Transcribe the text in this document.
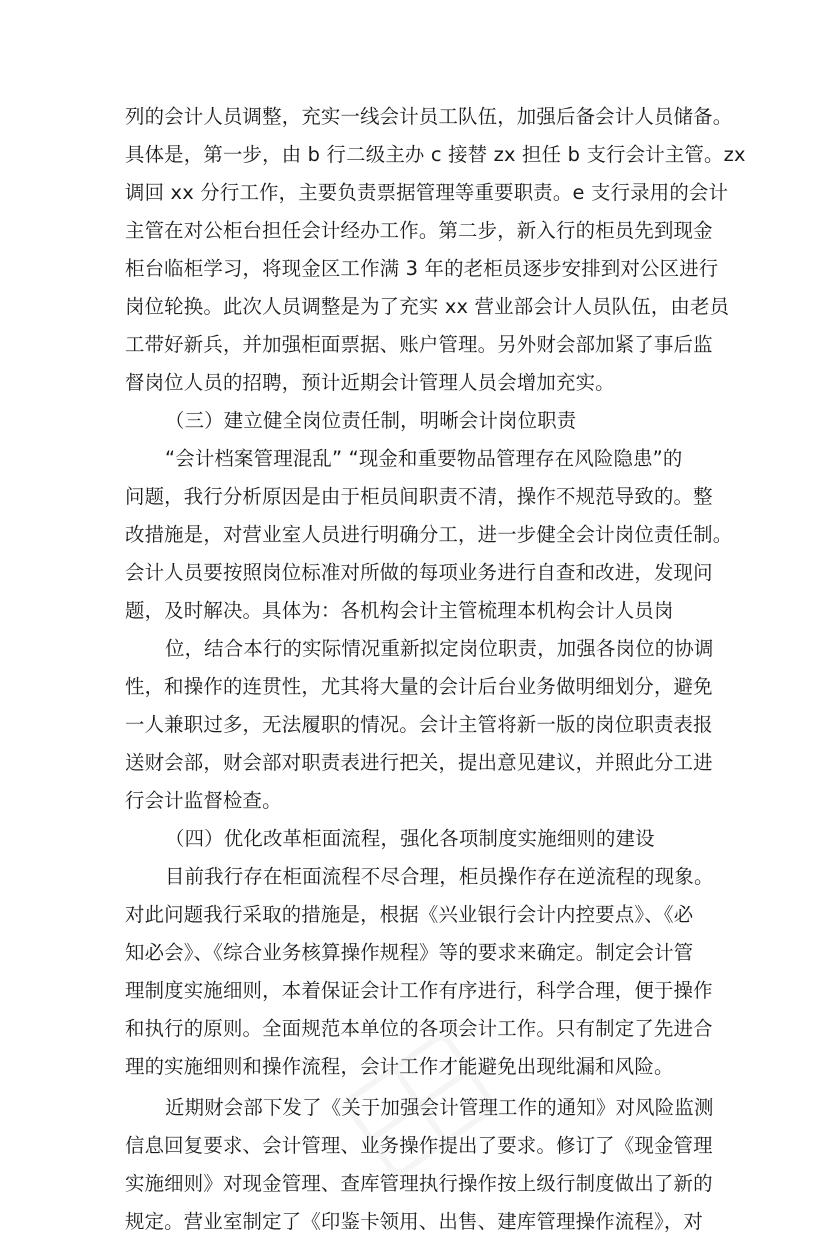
列的会计人员调整，充实一线会计员工队伍，加强后备会计人员储备。
具体是，第一步，由 b 行二级主办 c 接替 zx 担任 b 支行会计主管。zx
调回 xx 分行工作，主要负责票据管理等重要职责。e 支行录用的会计
主管在对公柜台担任会计经办工作。第二步，新入行的柜员先到现金
柜台临柜学习，将现金区工作满 3 年的老柜员逐步安排到对公区进行
岗位轮换。此次人员调整是为了充实 xx 营业部会计人员队伍，由老员
工带好新兵，并加强柜面票据、账户管理。另外财会部加紧了事后监
督岗位人员的招聘，预计近期会计管理人员会增加充实。
（三）建立健全岗位责任制，明晰会计岗位职责
“会计档案管理混乱” “现金和重要物品管理存在风险隐患”的
问题，我行分析原因是由于柜员间职责不清，操作不规范导致的。整
改措施是，对营业室人员进行明确分工，进一步健全会计岗位责任制。
会计人员要按照岗位标准对所做的每项业务进行自查和改进，发现问
题，及时解决。具体为：各机构会计主管梳理本机构会计人员岗
位，结合本行的实际情况重新拟定岗位职责，加强各岗位的协调
性，和操作的连贯性，尤其将大量的会计后台业务做明细划分，避免
一人兼职过多，无法履职的情况。会计主管将新一版的岗位职责表报
送财会部，财会部对职责表进行把关，提出意见建议，并照此分工进
行会计监督检查。
（四）优化改革柜面流程，强化各项制度实施细则的建设
目前我行存在柜面流程不尽合理，柜员操作存在逆流程的现象。
对此问题我行采取的措施是，根据《兴业银行会计内控要点》、《必
知必会》、《综合业务核算操作规程》等的要求来确定。制定会计管
理制度实施细则，本着保证会计工作有序进行，科学合理，便于操作
和执行的原则。全面规范本单位的各项会计工作。只有制定了先进合
理的实施细则和操作流程，会计工作才能避免出现纰漏和风险。
近期财会部下发了《关于加强会计管理工作的通知》对风险监测
信息回复要求、会计管理、业务操作提出了要求。修订了《现金管理
实施细则》对现金管理、查库管理执行操作按上级行制度做出了新的
规定。营业室制定了《印鉴卡领用、出售、建库管理操作流程》，对
